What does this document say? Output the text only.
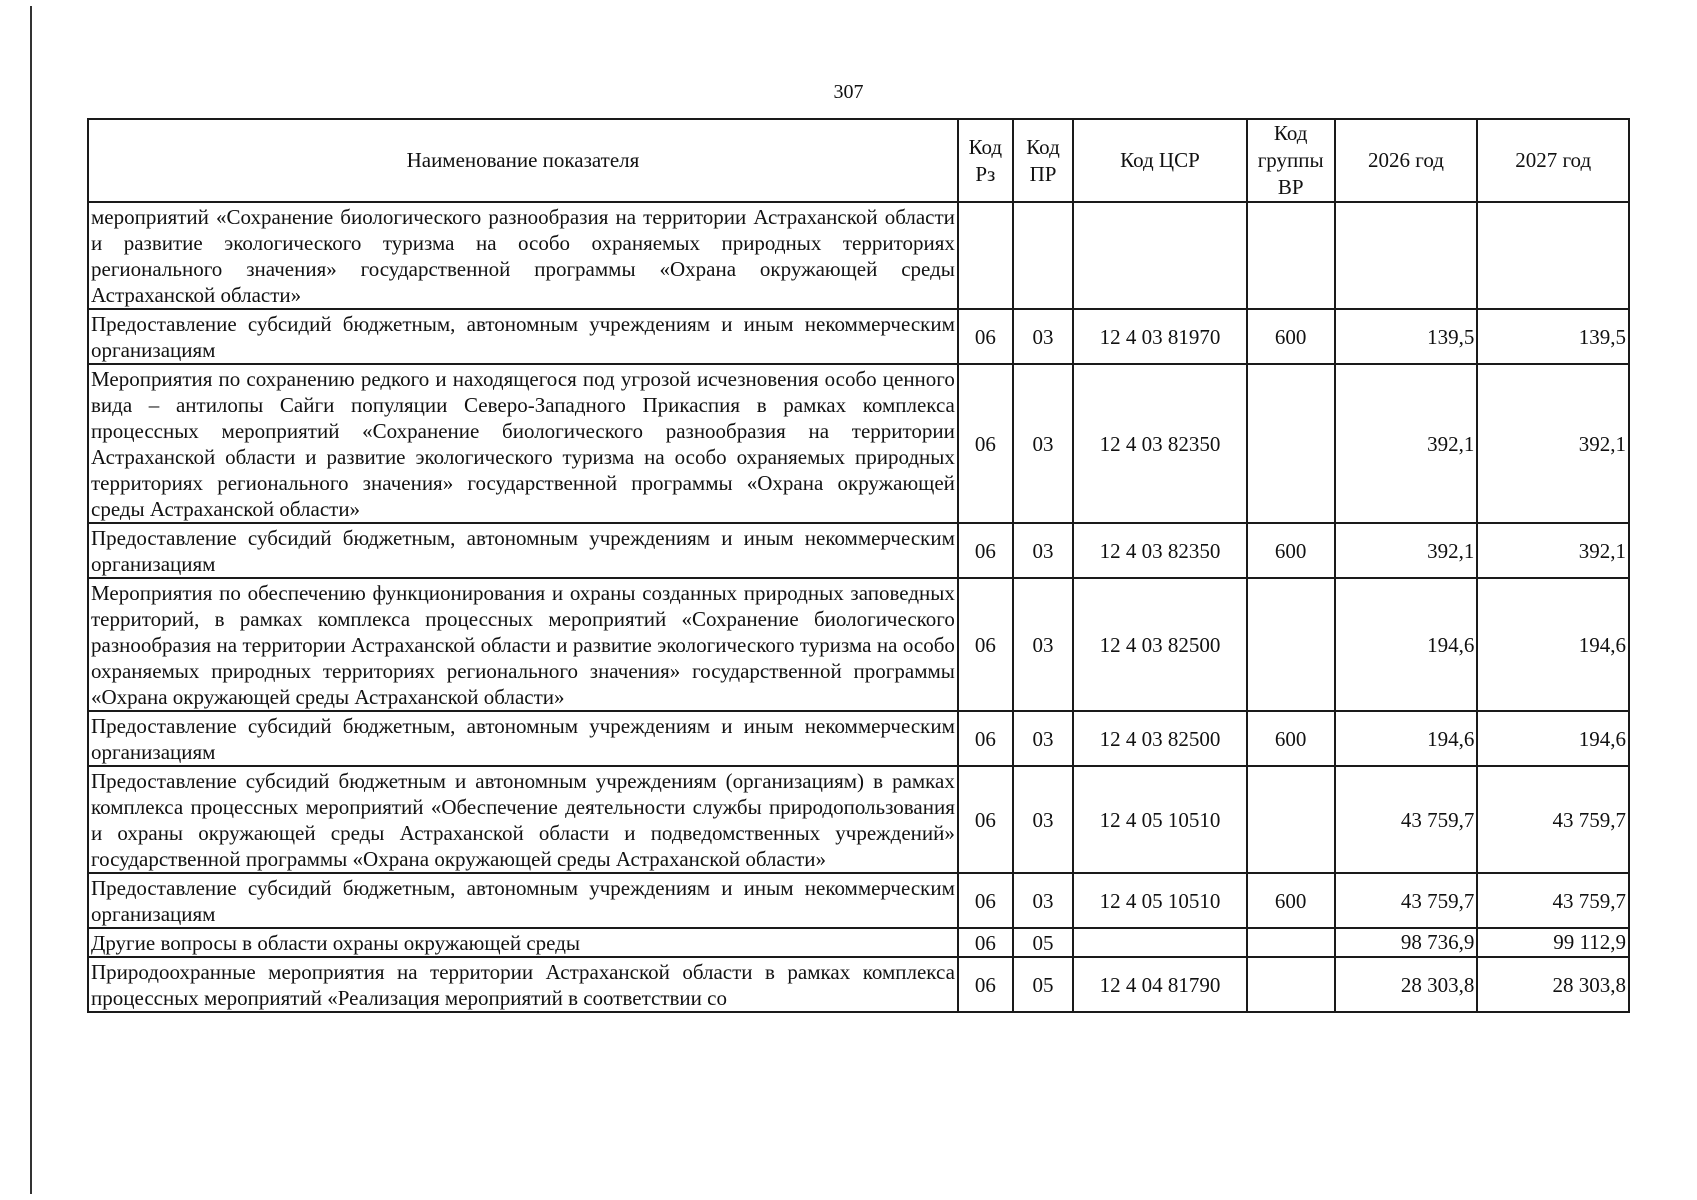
307
Наименование показателя	Код Рз	Код ПР	Код ЦСР	Код группы ВР	2026 год	2027 год
мероприятий «Сохранение биологического разнообразия на территории Астраханской области и развитие экологического туризма на особо охраняемых природных территориях регионального значения» государственной программы «Охрана окружающей среды Астраханской области»						
Предоставление субсидий бюджетным, автономным учреждениям и иным некоммерческим организациям	06	03	12 4 03 81970	600	139,5	139,5
Мероприятия по сохранению редкого и находящегося под угрозой исчезновения особо ценного вида – антилопы Сайги популяции Северо-Западного Прикаспия в рамках комплекса процессных мероприятий «Сохранение биологического разнообразия на территории Астраханской области и развитие экологического туризма на особо охраняемых природных территориях регионального значения» государственной программы «Охрана окружающей среды Астраханской области»	06	03	12 4 03 82350		392,1	392,1
Предоставление субсидий бюджетным, автономным учреждениям и иным некоммерческим организациям	06	03	12 4 03 82350	600	392,1	392,1
Мероприятия по обеспечению функционирования и охраны созданных природных заповедных территорий, в рамках комплекса процессных мероприятий «Сохранение биологического разнообразия на территории Астраханской области и развитие экологического туризма на особо охраняемых природных территориях регионального значения» государственной программы «Охрана окружающей среды Астраханской области»	06	03	12 4 03 82500		194,6	194,6
Предоставление субсидий бюджетным, автономным учреждениям и иным некоммерческим организациям	06	03	12 4 03 82500	600	194,6	194,6
Предоставление субсидий бюджетным и автономным учреждениям (организациям) в рамках комплекса процессных мероприятий «Обеспечение деятельности службы природопользования и охраны окружающей среды Астраханской области и подведомственных учреждений» государственной программы «Охрана окружающей среды Астраханской области»	06	03	12 4 05 10510		43 759,7	43 759,7
Предоставление субсидий бюджетным, автономным учреждениям и иным некоммерческим организациям	06	03	12 4 05 10510	600	43 759,7	43 759,7
Другие вопросы в области охраны окружающей среды	06	05			98 736,9	99 112,9
Природоохранные мероприятия на территории Астраханской области в рамках комплекса процессных мероприятий «Реализация мероприятий в соответствии со	06	05	12 4 04 81790		28 303,8	28 303,8
